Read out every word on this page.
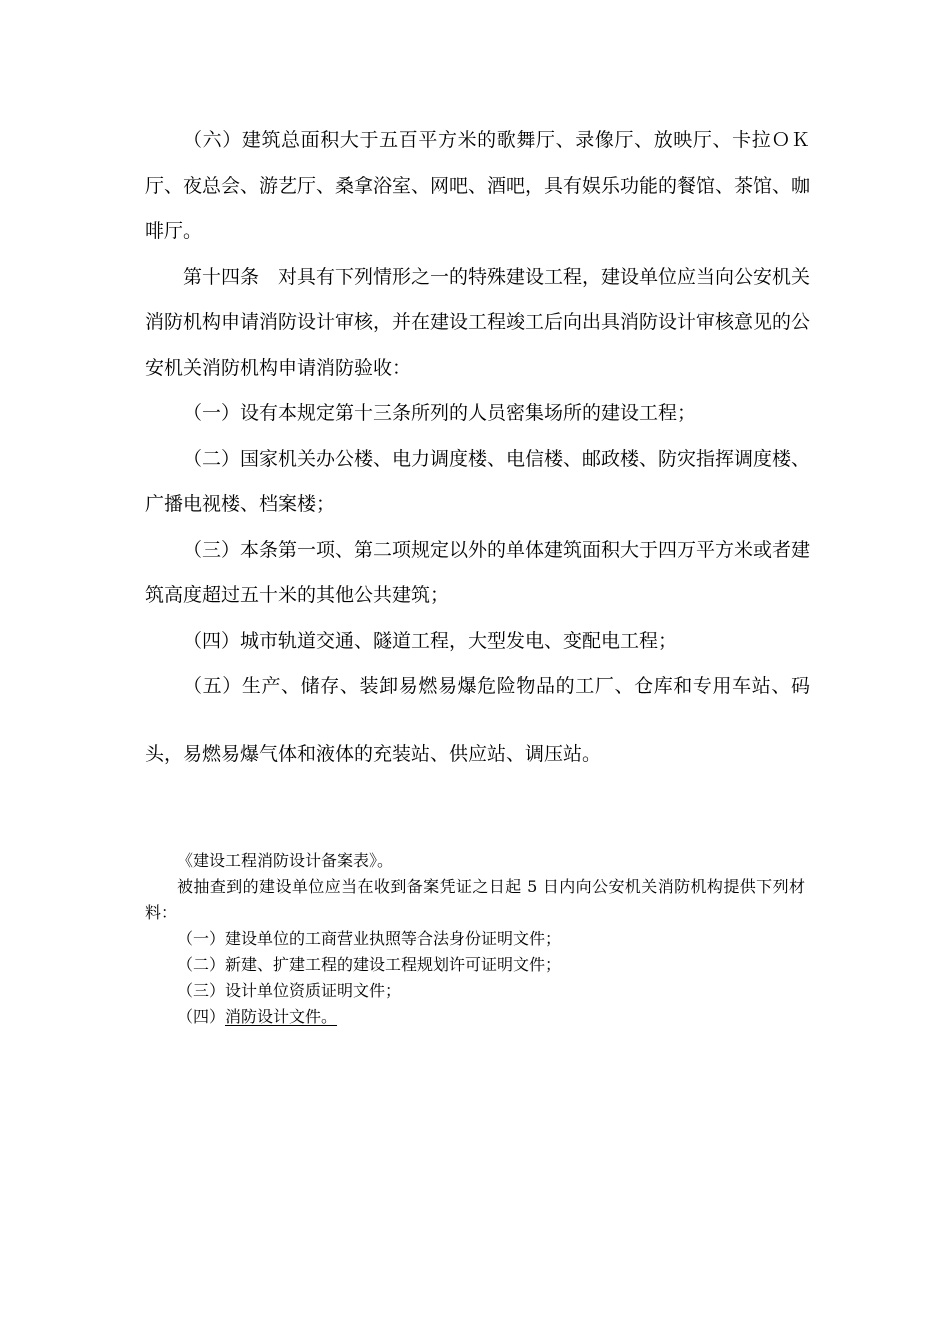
（六）建筑总面积大于五百平方米的歌舞厅、录像厅、放映厅、卡拉ＯＫ厅、夜总会、游艺厅、桑拿浴室、网吧、酒吧，具有娱乐功能的餐馆、茶馆、咖啡厅。

第十四条　对具有下列情形之一的特殊建设工程，建设单位应当向公安机关消防机构申请消防设计审核，并在建设工程竣工后向出具消防设计审核意见的公安机关消防机构申请消防验收：

（一）设有本规定第十三条所列的人员密集场所的建设工程；

（二）国家机关办公楼、电力调度楼、电信楼、邮政楼、防灾指挥调度楼、广播电视楼、档案楼；

（三）本条第一项、第二项规定以外的单体建筑面积大于四万平方米或者建筑高度超过五十米的其他公共建筑；

（四）城市轨道交通、隧道工程，大型发电、变配电工程；

（五）生产、储存、装卸易燃易爆危险物品的工厂、仓库和专用车站、码头，易燃易爆气体和液体的充装站、供应站、调压站。

《建设工程消防设计备案表》。

被抽查到的建设单位应当在收到备案凭证之日起 5 日内向公安机关消防机构提供下列材料：

（一）建设单位的工商营业执照等合法身份证明文件；

（二）新建、扩建工程的建设工程规划许可证明文件；

（三）设计单位资质证明文件；

（四）消防设计文件。
